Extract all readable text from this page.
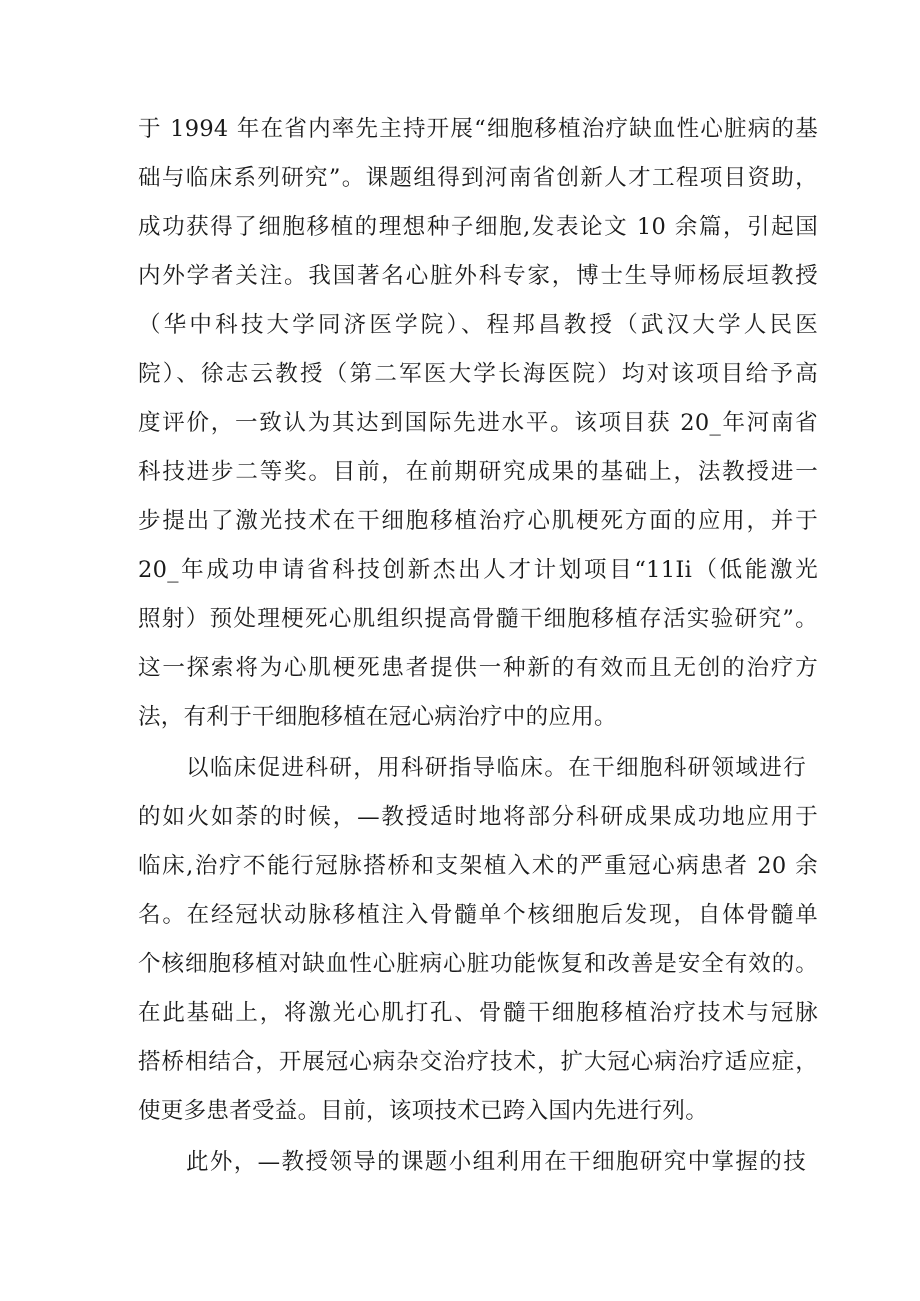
于 1994 年在省内率先主持开展“细胞移植治疗缺血性心脏病的基
础与临床系列研究”。课题组得到河南省创新人才工程项目资助，
成功获得了细胞移植的理想种子细胞,发表论文 10 余篇，引起国
内外学者关注。我国著名心脏外科专家，博士生导师杨辰垣教授
（华中科技大学同济医学院）、程邦昌教授（武汉大学人民医
院）、徐志云教授（第二军医大学长海医院）均对该项目给予高
度评价，一致认为其达到国际先进水平。该项目获 20_年河南省
科技进步二等奖。目前，在前期研究成果的基础上，法教授进一
步提出了激光技术在干细胞移植治疗心肌梗死方面的应用，并于
20_年成功申请省科技创新杰出人才计划项目“11Ii（低能激光
照射）预处理梗死心肌组织提高骨髓干细胞移植存活实验研究”。
这一探索将为心肌梗死患者提供一种新的有效而且无创的治疗方
法，有利于干细胞移植在冠心病治疗中的应用。
以临床促进科研，用科研指导临床。在干细胞科研领域进行
的如火如荼的时候，—教授适时地将部分科研成果成功地应用于
临床,治疗不能行冠脉搭桥和支架植入术的严重冠心病患者 20 余
名。在经冠状动脉移植注入骨髓单个核细胞后发现，自体骨髓单
个核细胞移植对缺血性心脏病心脏功能恢复和改善是安全有效的。
在此基础上，将激光心肌打孔、骨髓干细胞移植治疗技术与冠脉
搭桥相结合，开展冠心病杂交治疗技术，扩大冠心病治疗适应症，
使更多患者受益。目前，该项技术已跨入国内先进行列。
此外，—教授领导的课题小组利用在干细胞研究中掌握的技
